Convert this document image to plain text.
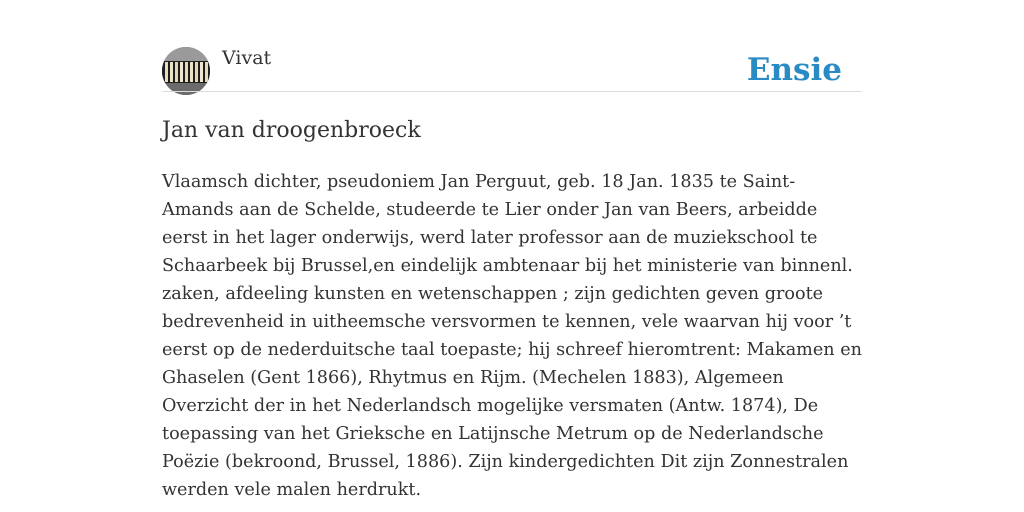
Vivat	Ensie
Jan van droogenbroeck

Vlaamsch dichter, pseudoniem Jan Perguut, geb. 18 Jan. 1835 te Saint-Amands aan de Schelde, studeerde te Lier onder Jan van Beers, arbeidde eerst in het lager onderwijs, werd later professor aan de muziekschool te Schaarbeek bij Brussel,en eindelijk ambtenaar bij het ministerie van binnenl. zaken, afdeeling kunsten en wetenschappen ; zijn gedichten geven groote bedrevenheid in uitheemsche versvormen te kennen, vele waarvan hij voor ’t eerst op de nederduitsche taal toepaste; hij schreef hieromtrent: Makamen en Ghaselen (Gent 1866), Rhytmus en Rijm. (Mechelen 1883), Algemeen Overzicht der in het Nederlandsch mogelijke versmaten (Antw. 1874), De toepassing van het Grieksche en Latijnsche Metrum op de Nederlandsche Poëzie (bekroond, Brussel, 1886). Zijn kindergedichten Dit zijn Zonnestralen werden vele malen herdrukt.
